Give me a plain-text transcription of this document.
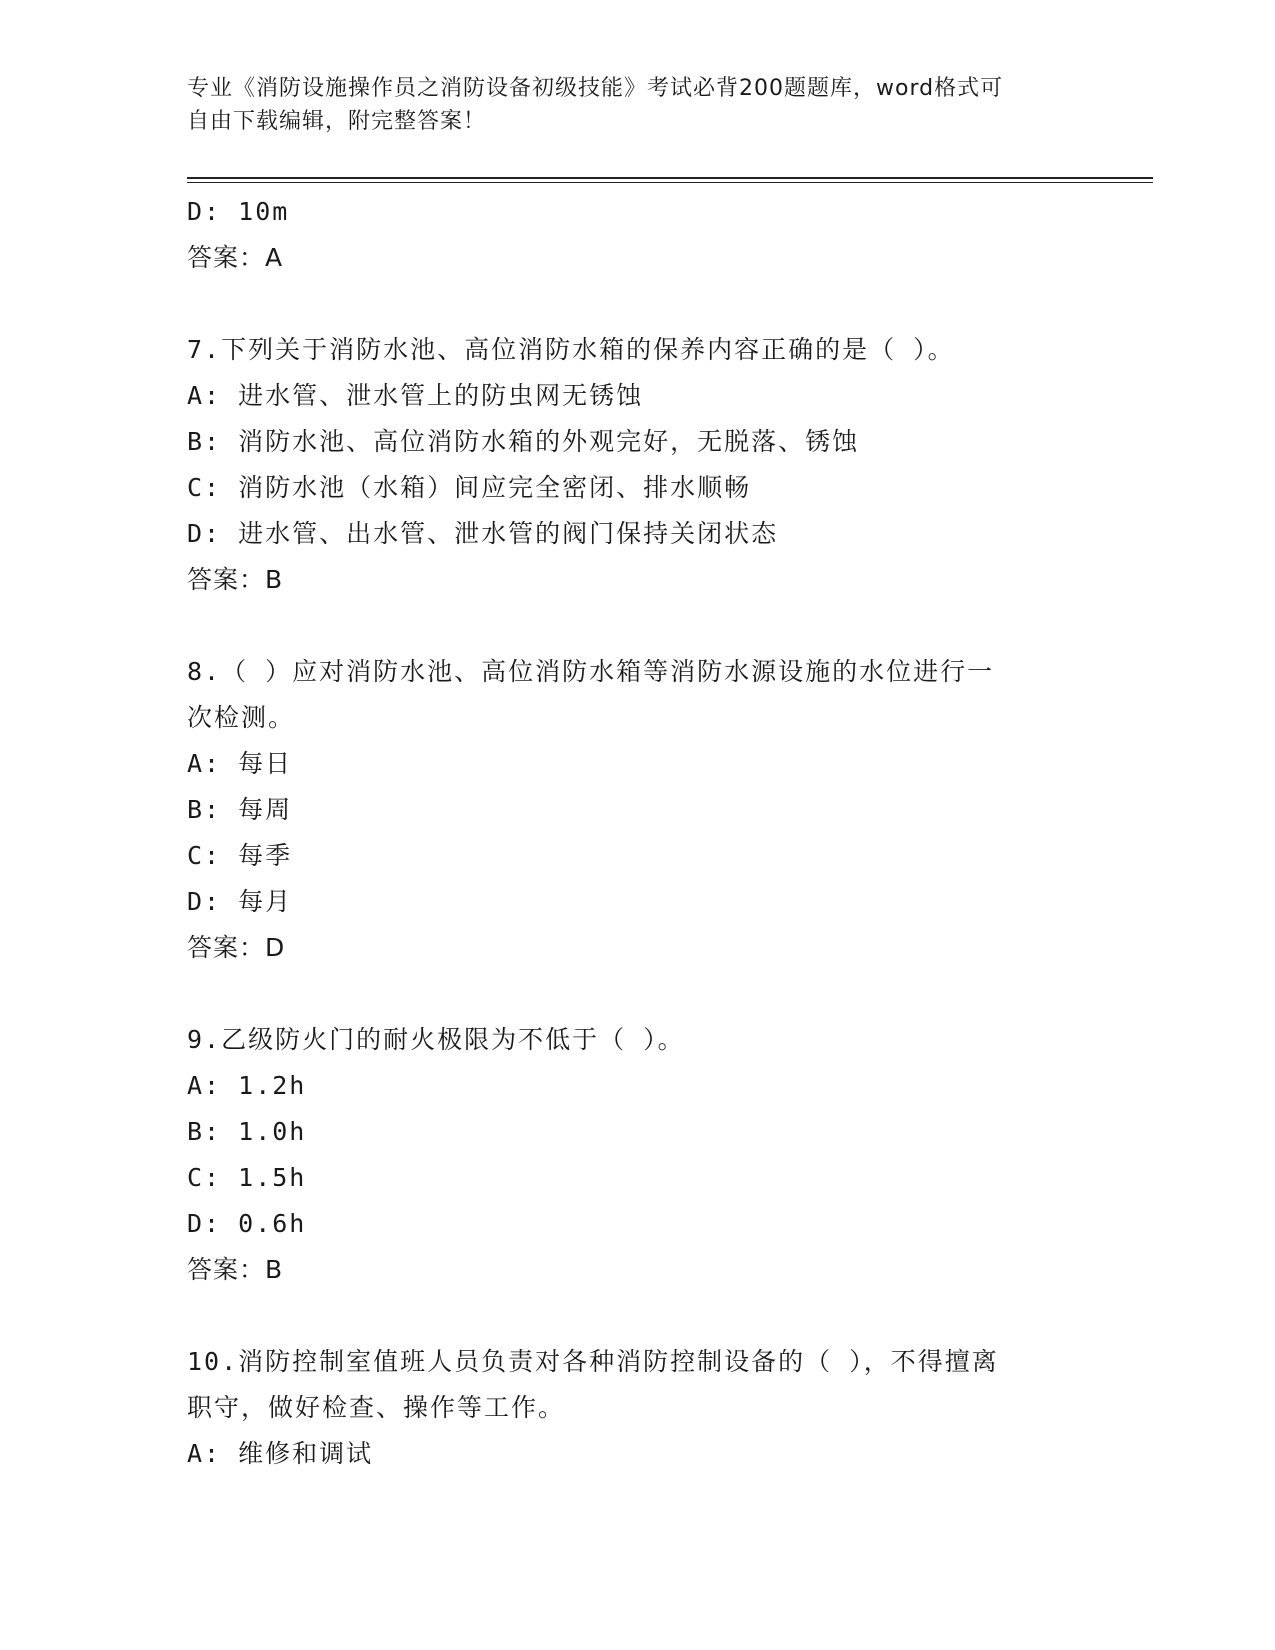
专业《消防设施操作员之消防设备初级技能》考试必背200题题库，word格式可
自由下载编辑，附完整答案！
D: 10m
答案：A
7.下列关于消防水池、高位消防水箱的保养内容正确的是（ ）。
A: 进水管、泄水管上的防虫网无锈蚀
B: 消防水池、高位消防水箱的外观完好，无脱落、锈蚀
C: 消防水池（水箱）间应完全密闭、排水顺畅
D: 进水管、出水管、泄水管的阀门保持关闭状态
答案：B
8.（ ）应对消防水池、高位消防水箱等消防水源设施的水位进行一
次检测。
A: 每日
B: 每周
C: 每季
D: 每月
答案：D
9.乙级防火门的耐火极限为不低于（ ）。
A: 1.2h
B: 1.0h
C: 1.5h
D: 0.6h
答案：B
10.消防控制室值班人员负责对各种消防控制设备的（ ），不得擅离
职守，做好检查、操作等工作。
A: 维修和调试
